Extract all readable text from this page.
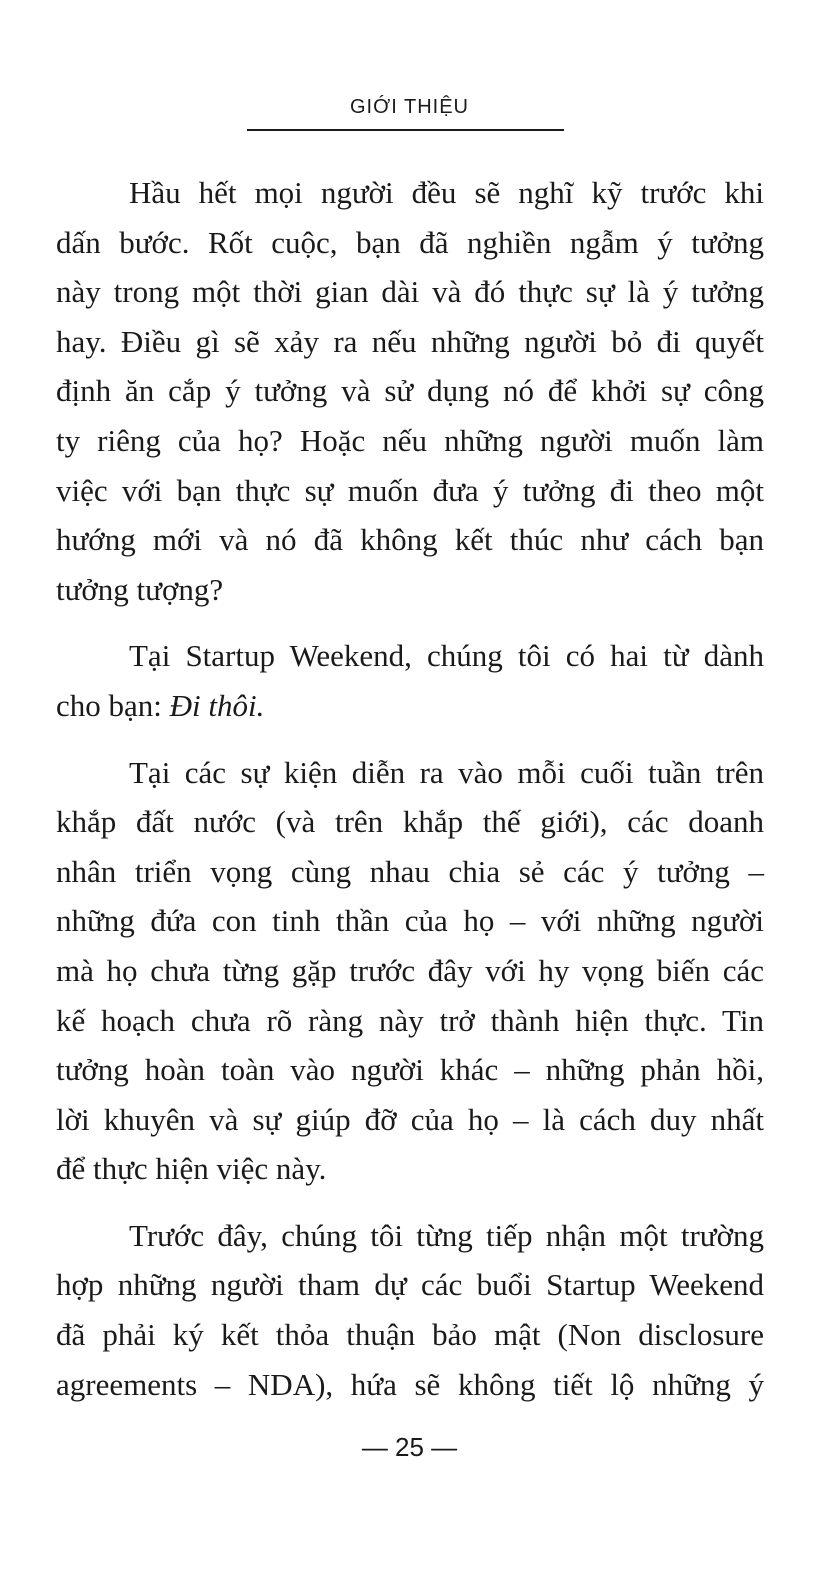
GIỚI THIỆU
Hầu hết mọi người đều sẽ nghĩ kỹ trước khi
dấn bước. Rốt cuộc, bạn đã nghiền ngẫm ý tưởng
này trong một thời gian dài và đó thực sự là ý tưởng
hay. Điều gì sẽ xảy ra nếu những người bỏ đi quyết
định ăn cắp ý tưởng và sử dụng nó để khởi sự công
ty riêng của họ? Hoặc nếu những người muốn làm
việc với bạn thực sự muốn đưa ý tưởng đi theo một
hướng mới và nó đã không kết thúc như cách bạn
tưởng tượng?
Tại Startup Weekend, chúng tôi có hai từ dành
cho bạn: Đi thôi.
Tại các sự kiện diễn ra vào mỗi cuối tuần trên
khắp đất nước (và trên khắp thế giới), các doanh
nhân triển vọng cùng nhau chia sẻ các ý tưởng –
những đứa con tinh thần của họ – với những người
mà họ chưa từng gặp trước đây với hy vọng biến các
kế hoạch chưa rõ ràng này trở thành hiện thực. Tin
tưởng hoàn toàn vào người khác – những phản hồi,
lời khuyên và sự giúp đỡ của họ – là cách duy nhất
để thực hiện việc này.
Trước đây, chúng tôi từng tiếp nhận một trường
hợp những người tham dự các buổi Startup Weekend
đã phải ký kết thỏa thuận bảo mật (Non disclosure
agreements – NDA), hứa sẽ không tiết lộ những ý
— 25 —
